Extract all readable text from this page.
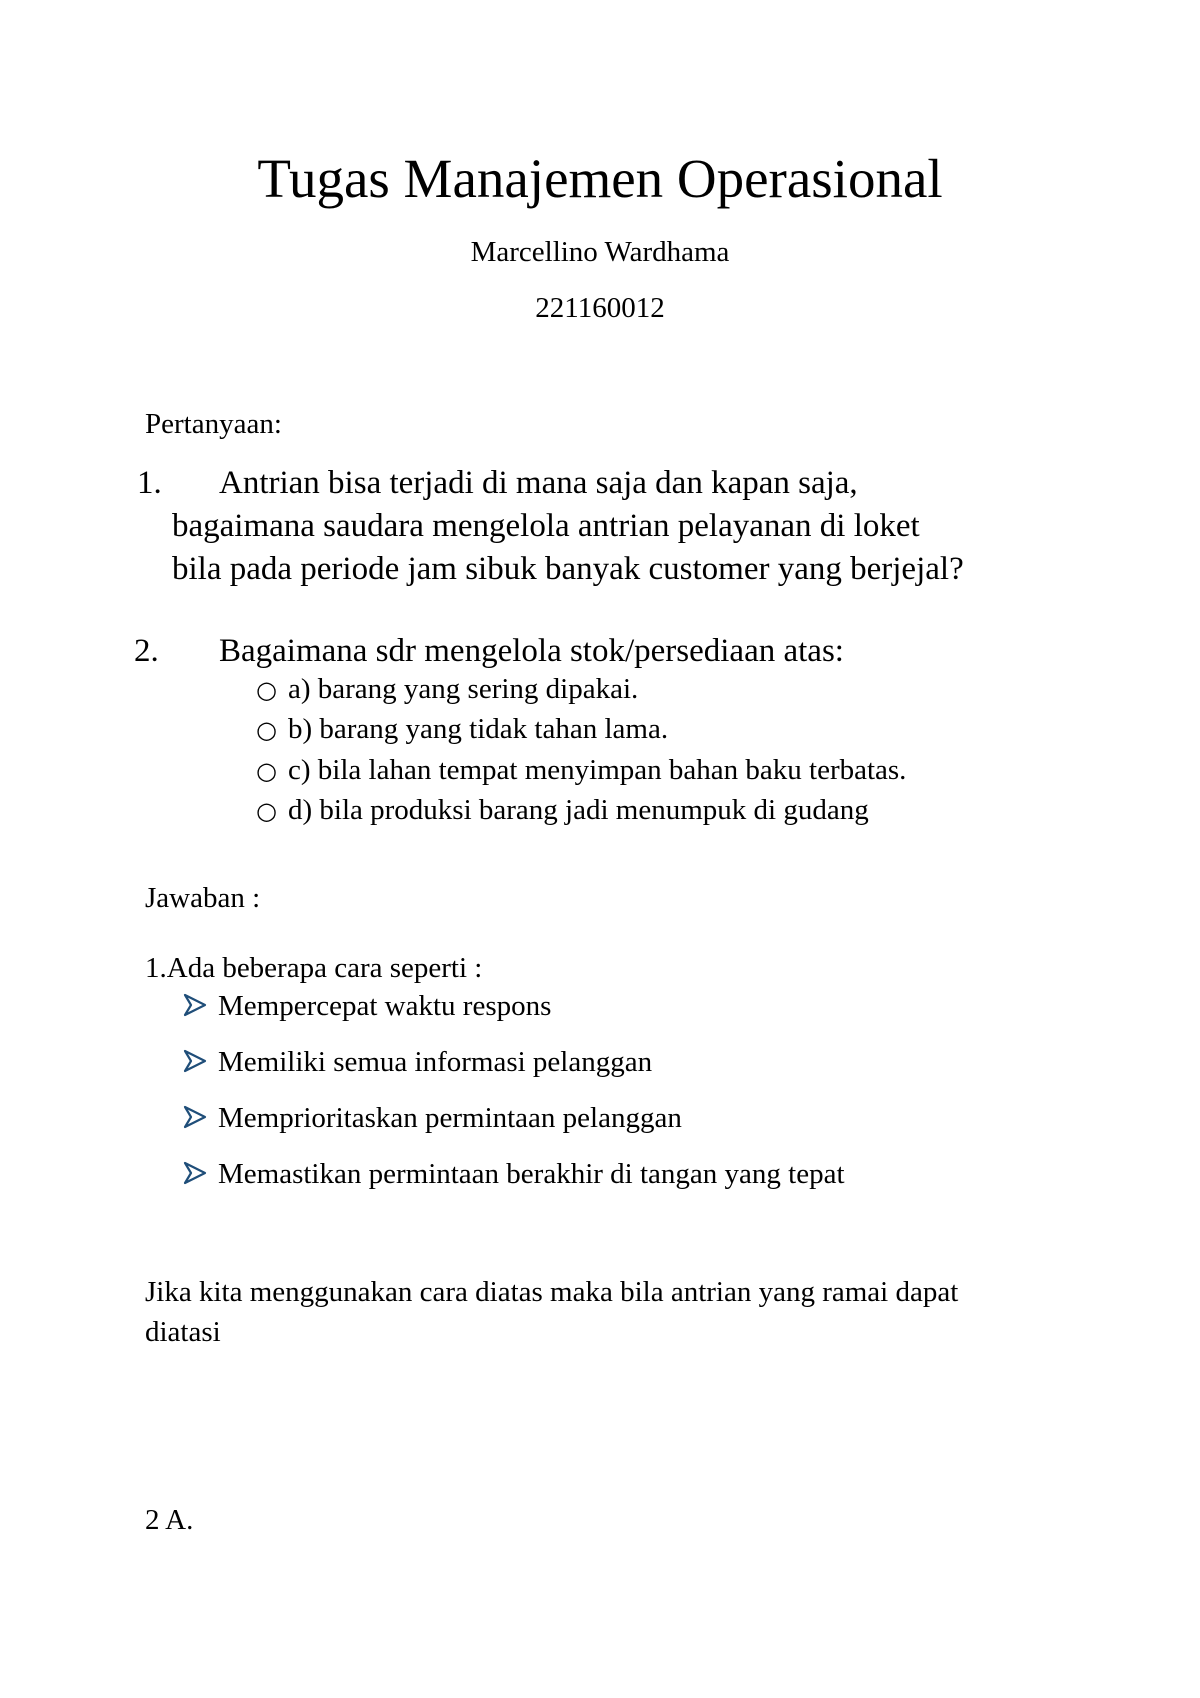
Tugas Manajemen Operasional
Marcellino Wardhama
221160012
Pertanyaan:
1. Antrian bisa terjadi di mana saja dan kapan saja,
bagaimana saudara mengelola antrian pelayanan di loket
bila pada periode jam sibuk banyak customer yang berjejal?
2. Bagaimana sdr mengelola stok/persediaan atas:
○ a) barang yang sering dipakai.
○ b) barang yang tidak tahan lama.
○ c) bila lahan tempat menyimpan bahan baku terbatas.
○ d) bila produksi barang jadi menumpuk di gudang
Jawaban :
1.Ada beberapa cara seperti :
Mempercepat waktu respons
Memiliki semua informasi pelanggan
Memprioritaskan permintaan pelanggan
Memastikan permintaan berakhir di tangan yang tepat
Jika kita menggunakan cara diatas maka bila antrian yang ramai dapat
diatasi
2 A.
